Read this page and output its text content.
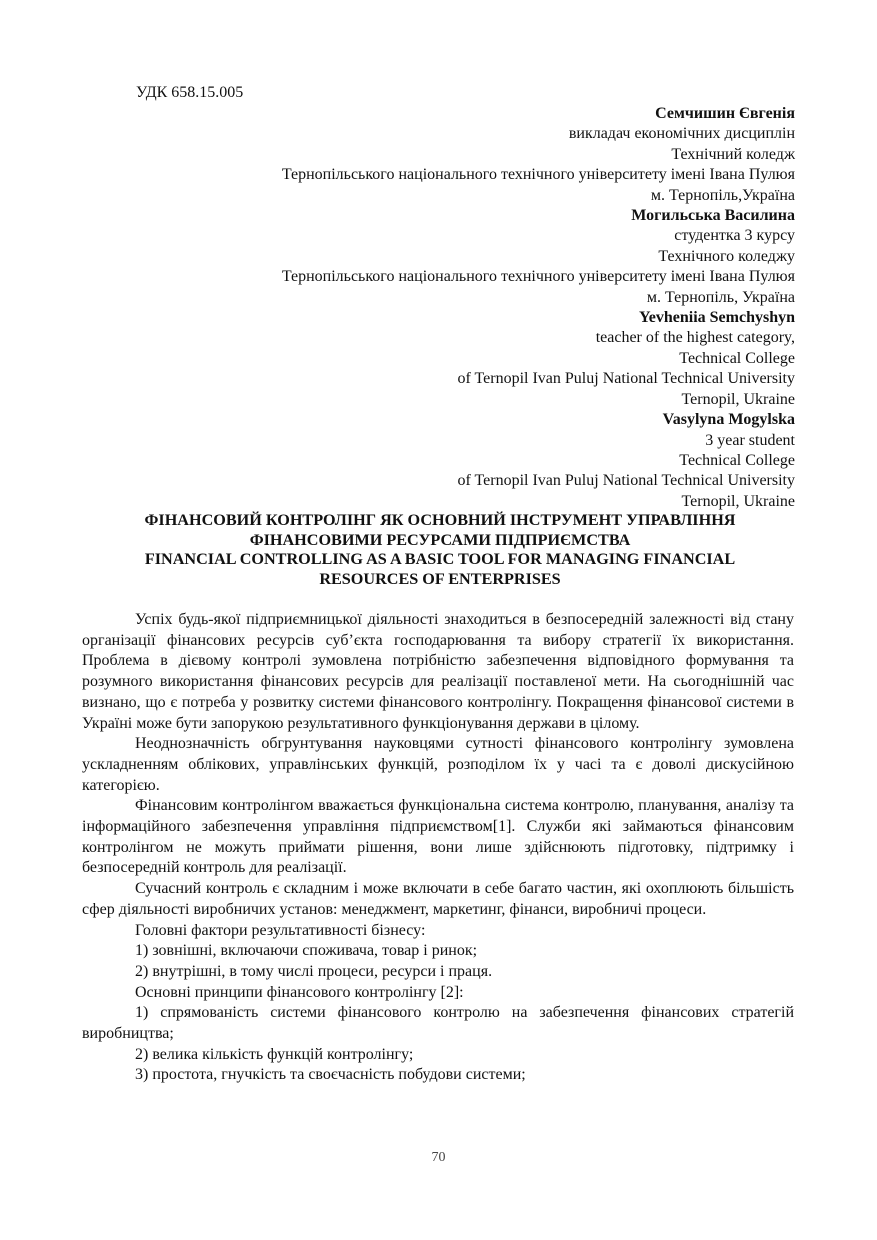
УДК 658.15.005
Семчишин Євгенія
викладач економічних дисциплін
Технічний коледж
Тернопільського національного технічного університету імені Івана Пулюя
м. Тернопіль,Україна
Могильська Василина
студентка 3 курсу
Технічного коледжу
Тернопільського національного технічного університету імені Івана Пулюя
м. Тернопіль, Україна
Yevheniia Semchyshyn
teacher of the highest category,
Technical College
of Ternopil Ivan Puluj National Technical University
Ternopil, Ukraine
Vasylyna Mogylska
3 year student
Technical College
of Ternopil Ivan Puluj National Technical University
Ternopil, Ukraine
ФІНАНСОВИЙ КОНТРОЛІНГ ЯК ОСНОВНИЙ ІНСТРУМЕНТ УПРАВЛІННЯ
ФІНАНСОВИМИ РЕСУРСАМИ ПІДПРИЄМСТВА
FINANCIAL CONTROLLING AS A BASIC TOOL FOR MANAGING FINANCIAL
RESOURCES OF ENTERPRISES

Успіх будь-якої підприємницької діяльності знаходиться в безпосередній залежності від стану організації фінансових ресурсів суб’єкта господарювання та вибору стратегії їх використання. Проблема в дієвому контролі зумовлена потрібністю забезпечення відповідного формування та розумного використання фінансових ресурсів для реалізації поставленої мети. На сьогоднішній час визнано, що є потреба у розвитку системи фінансового контролінгу. Покращення фінансової системи в Україні може бути запорукою результативного функціонування держави в цілому.

Неоднозначність обгрунтування науковцями сутності фінансового контролінгу зумовлена ускладненням облікових, управлінських функцій, розподілом їх у часі та є доволі дискусійною категорією.

Фінансовим контролінгом вважається функціональна система контролю, планування, аналізу та інформаційного забезпечення управління підприємством[1]. Служби які займаються фінансовим контролінгом не можуть приймати рішення, вони лише здійснюють підготовку, підтримку і безпосередній контроль для реалізації.

Сучасний контроль є складним і може включати в себе багато частин, які охоплюють більшість сфер діяльності виробничих установ: менеджмент, маркетинг, фінанси, виробничі процеси.

Головні фактори результативності бізнесу:

1) зовнішні, включаючи споживача, товар і ринок;

2) внутрішні, в тому числі процеси, ресурси і праця.

Основні принципи фінансового контролінгу [2]:

1) спрямованість системи фінансового контролю на забезпечення фінансових стратегій виробництва;

2) велика кількість функцій контролінгу;

3) простота, гнучкість та своєчасність побудови системи;

70
